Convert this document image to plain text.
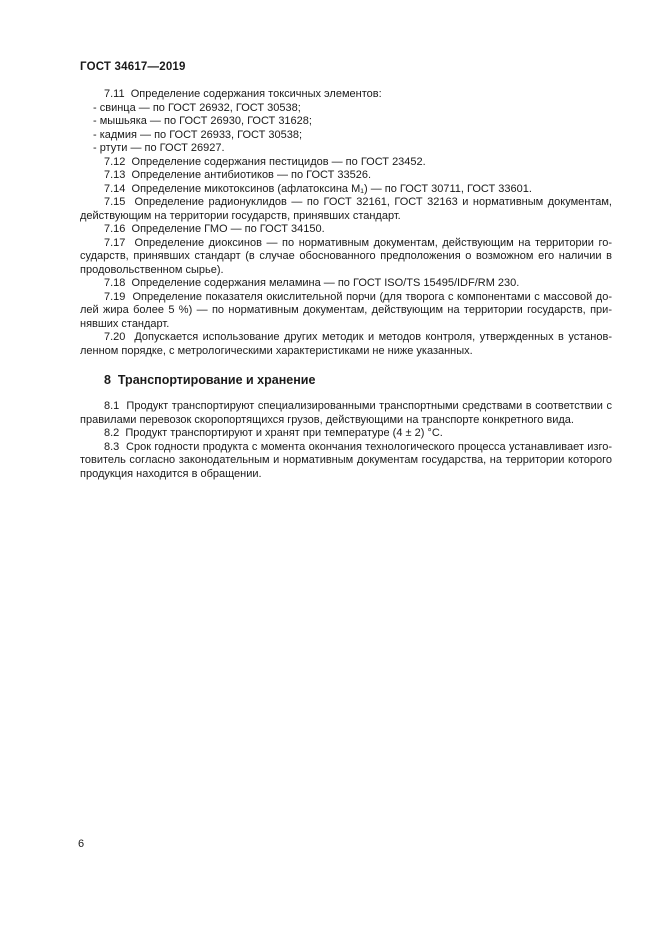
ГОСТ 34617—2019

7.11  Определение содержания токсичных элементов:

- свинца — по ГОСТ 26932, ГОСТ 30538;

- мышьяка — по ГОСТ 26930, ГОСТ 31628;

- кадмия — по ГОСТ 26933, ГОСТ 30538;

- ртути — по ГОСТ 26927.

7.12  Определение содержания пестицидов — по ГОСТ 23452.

7.13  Определение антибиотиков — по ГОСТ 33526.

7.14  Определение микотоксинов (афлатоксина М₁) — по ГОСТ 30711, ГОСТ 33601.

7.15  Определение радионуклидов — по ГОСТ 32161, ГОСТ 32163 и нормативным документам, действующим на территории государств, принявших стандарт.

7.16  Определение ГМО — по ГОСТ 34150.

7.17  Определение диоксинов — по нормативным документам, действующим на территории государств, принявших стандарт (в случае обоснованного предположения о возможном его наличии в продовольственном сырье).

7.18  Определение содержания меламина — по ГОСТ ISO/TS 15495/IDF/RM 230.

7.19  Определение показателя окислительной порчи (для творога с компонентами с массовой долей жира более 5 %) — по нормативным документам, действующим на территории государств, принявших стандарт.

7.20  Допускается использование других методик и методов контроля, утвержденных в установленном порядке, с метрологическими характеристиками не ниже указанных.

8  Транспортирование и хранение

8.1  Продукт транспортируют специализированными транспортными средствами в соответствии с правилами перевозок скоропортящихся грузов, действующими на транспорте конкретного вида.

8.2  Продукт транспортируют и хранят при температуре (4 ± 2) °C.

8.3  Срок годности продукта с момента окончания технологического процесса устанавливает изготовитель согласно законодательным и нормативным документам государства, на территории которого продукция находится в обращении.

6
